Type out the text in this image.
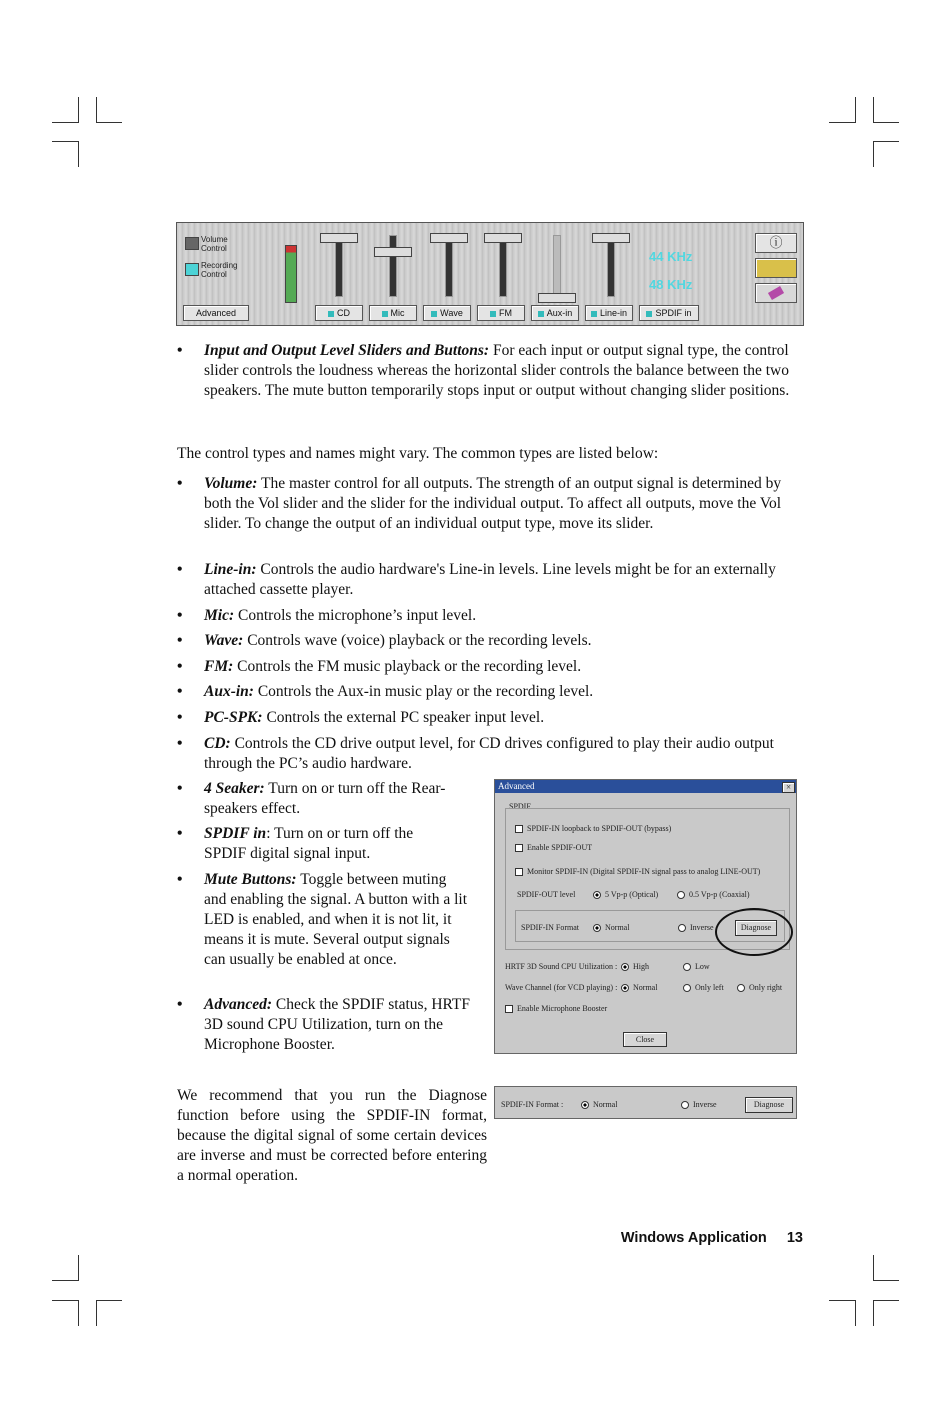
Volume Control
Recording Control
Advanced
44 KHz
48 KHz
ⓘ
CD	Mic	Wave	FM	Aux-in	Line-in	SPDIF in
• Input and Output Level Sliders and Buttons: For each input or output signal type, the control slider controls the loudness whereas the horizontal slider controls the balance between the two speakers. The mute button temporarily stops input or output without changing slider positions.
The control types and names might vary. The common types are listed below:
• Volume: The master control for all outputs. The strength of an output signal is determined by both the Vol slider and the slider for the individual output. To affect all outputs, move the Vol slider. To change the output of an individual output type, move its slider.
• Line-in: Controls the audio hardware's Line-in levels. Line levels might be for an externally attached cassette player.
• Mic: Controls the microphone’s input level.
• Wave: Controls wave (voice) playback or the recording levels.
• FM: Controls the FM music playback or the recording level.
• Aux-in: Controls the Aux-in music play or the recording level.
• PC-SPK: Controls the external PC speaker input level.
• CD: Controls the CD drive output level, for CD drives configured to play their audio output through the PC’s audio hardware.
• 4 Seaker: Turn on or turn off the Rear-speakers effect.
• SPDIF in: Turn on or turn off the SPDIF digital signal input.
• Mute Buttons: Toggle between muting and enabling the signal. A button with a lit LED is enabled, and when it is not lit, it means it is mute. Several output signals can usually be enabled at once.
• Advanced: Check the SPDIF status, HRTF 3D sound CPU Utilization, turn on the Microphone Booster.
We recommend that you run the Diagnose function before using the SPDIF-IN format, because the digital signal of some certain devices are inverse and must be corrected before entering a normal operation.
Advanced	×
SPDIF
SPDIF-IN loopback to SPDIF-OUT (bypass)
Enable SPDIF-OUT
Monitor SPDIF-IN (Digital SPDIF-IN signal pass to analog LINE-OUT)
SPDIF-OUT level	5 Vp-p (Optical)	0.5 Vp-p (Coaxial)
SPDIF-IN Format	Normal	Inverse	Diagnose
HRTF 3D Sound CPU Utilization :	High	Low
Wave Channel (for VCD playing) :	Normal	Only left	Only right
Enable Microphone Booster
Close
SPDIF-IN Format :	Normal	Inverse	Diagnose
Windows Application 13
